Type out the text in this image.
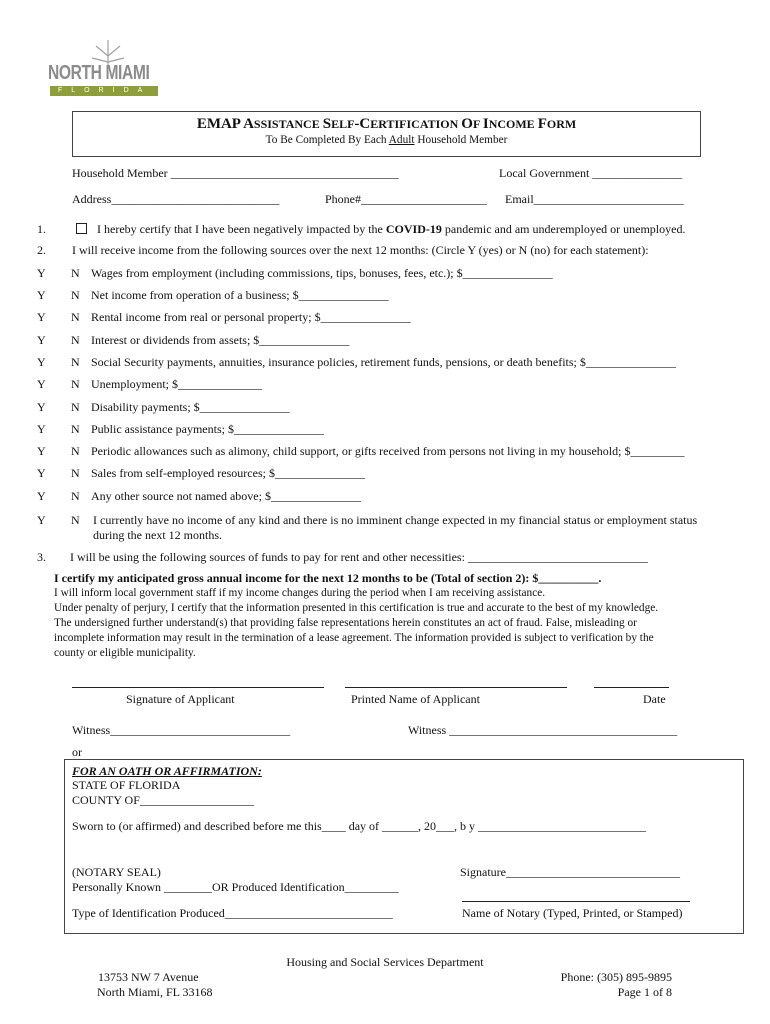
NORTH MIAMI
FLORIDA
EMAP ASSISTANCE SELF-CERTIFICATION OF INCOME FORM
To Be Completed By Each Adult Household Member
Household Member ______________________________________	Local Government _______________
Address____________________________	Phone#_____________________ Email_________________________
1.	I hereby certify that I have been negatively impacted by the COVID-19 pandemic and am underemployed or unemployed.
2. I will receive income from the following sources over the next 12 months: (Circle Y (yes) or N (no) for each statement):
Y N Wages from employment (including commissions, tips, bonuses, fees, etc.); $_______________
Y N Net income from operation of a business; $_______________
Y N Rental income from real or personal property; $_______________
Y N Interest or dividends from assets; $_______________
Y N Social Security payments, annuities, insurance policies, retirement funds, pensions, or death benefits; $_______________
Y N Unemployment; $______________
Y N Disability payments; $_______________
Y N Public assistance payments; $_______________
Y N Periodic allowances such as alimony, child support, or gifts received from persons not living in my household; $_________
Y N Sales from self-employed resources; $_______________
Y N Any other source not named above; $_______________
Y N I currently have no income of any kind and there is no imminent change expected in my financial status or employment status
during the next 12 months.
3. I will be using the following sources of funds to pay for rent and other necessities: ______________________________
I certify my anticipated gross annual income for the next 12 months to be (Total of section 2): $__________.
I will inform local government staff if my income changes during the period when I am receiving assistance.
Under penalty of perjury, I certify that the information presented in this certification is true and accurate to the best of my knowledge.
The undersigned further understand(s) that providing false representations herein constitutes an act of fraud. False, misleading or
incomplete information may result in the termination of a lease agreement. The information provided is subject to verification by the
county or eligible municipality.
Signature of Applicant	Printed Name of Applicant	Date
Witness______________________________	Witness ______________________________________
or
FOR AN OATH OR AFFIRMATION:
STATE OF FLORIDA
COUNTY OF___________________
Sworn to (or affirmed) and described before me this____ day of ______, 20___, b y ____________________________
(NOTARY SEAL)
Personally Known ________OR Produced Identification_________
Type of Identification Produced____________________________
Signature_____________________________
Name of Notary (Typed, Printed, or Stamped)
Housing and Social Services Department
13753 NW 7 Avenue
North Miami, FL 33168
Phone: (305) 895-9895
Page 1 of 8
